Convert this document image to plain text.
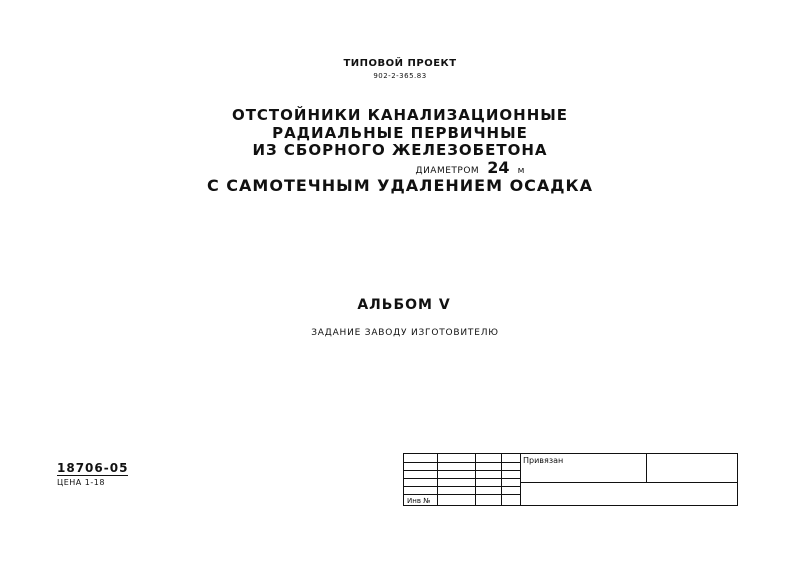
ТИПОВОЙ ПРОЕКТ
902-2-365.83
ОТСТОЙНИКИ КАНАЛИЗАЦИОННЫЕ
РАДИАЛЬНЫЕ ПЕРВИЧНЫЕ
ИЗ СБОРНОГО ЖЕЛЕЗОБЕТОНА
ДИАМЕТРОМ 24 м
С САМОТЕЧНЫМ УДАЛЕНИЕМ ОСАДКА
АЛЬБОМ V
ЗАДАНИЕ ЗАВОДУ ИЗГОТОВИТЕЛЮ
18706-05
ЦЕНА 1-18
Привязан
Инв №
